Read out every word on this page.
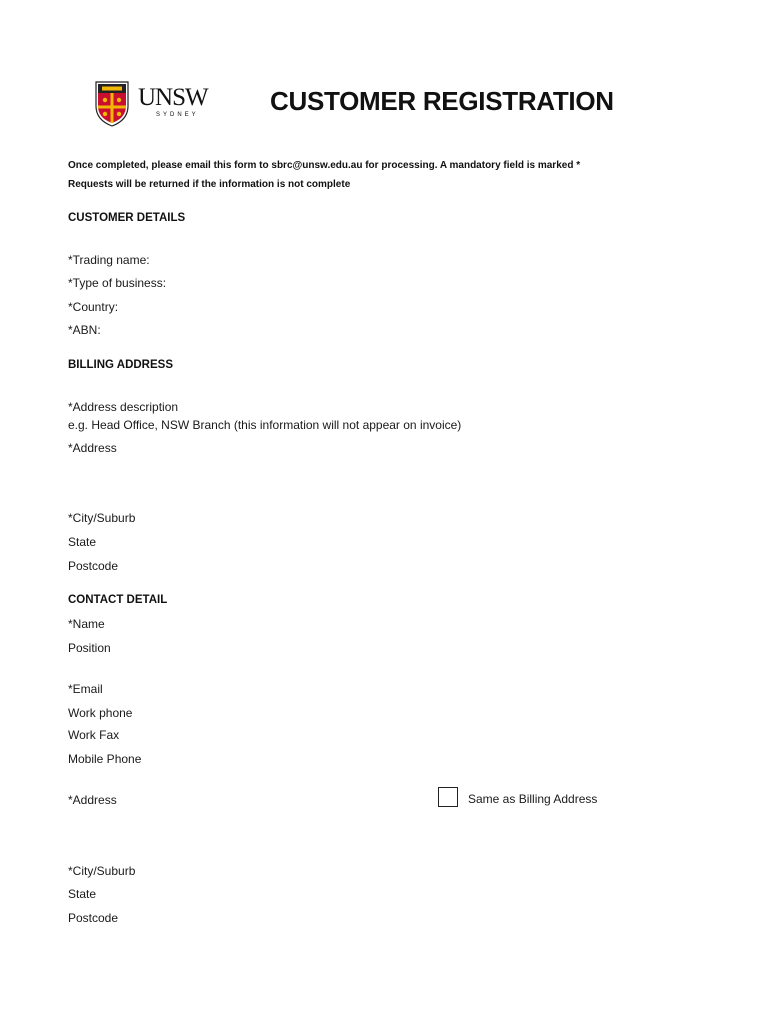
UNSW
SYDNEY	CUSTOMER REGISTRATION
Once completed, please email this form to sbrc@unsw.edu.au for processing. A mandatory field is marked *
Requests will be returned if the information is not complete
CUSTOMER DETAILS
*Trading name:
*Type of business:
*Country:
*ABN:
BILLING ADDRESS
*Address description
e.g. Head Office, NSW Branch (this information will not appear on invoice)
*Address
*City/Suburb
State
Postcode
CONTACT DETAIL
*Name
Position
*Email
Work phone
Work Fax
Mobile Phone
*Address	Same as Billing Address
*City/Suburb
State
Postcode
